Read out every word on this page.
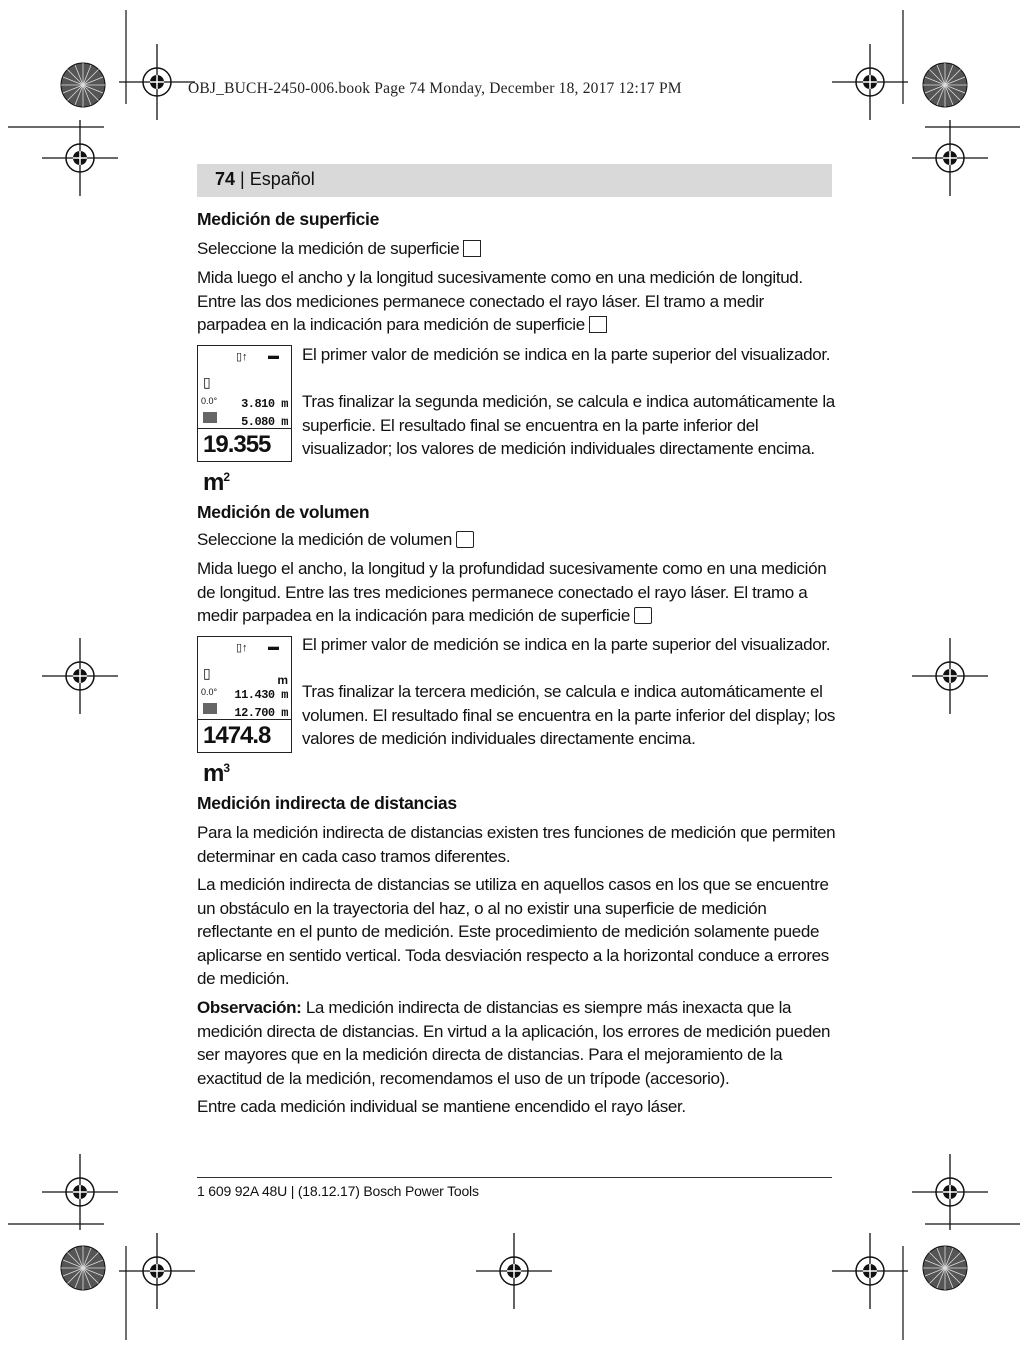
OBJ_BUCH-2450-006.book Page 74 Monday, December 18, 2017 12:17 PM
74 | Español
Medición de superficie

Seleccione la medición de superficie

Mida luego el ancho y la longitud sucesivamente como en una medición de longitud. Entre las dos mediciones permanece conectado el rayo láser. El tramo a medir parpadea en la indicación para medición de superficie

▯↑ ▬
▯
0.0° 3.810 m
5.080 m
19.355 $m^2$

El primer valor de medición se indica en la parte superior del visualizador.

Tras finalizar la segunda medición, se calcula e indica automáticamente la superficie. El resultado final se encuentra en la parte inferior del visualizador; los valores de medición individuales directamente encima.

Medición de volumen

Seleccione la medición de volumen

Mida luego el ancho, la longitud y la profundidad sucesivamente como en una medición de longitud. Entre las tres mediciones permanece conectado el rayo láser. El tramo a medir parpadea en la indicación para medición de superficie

▯↑ ▬
▯	m
0.0° 11.430 m
12.700 m
1474.8 $m^3$

El primer valor de medición se indica en la parte superior del visualizador.

Tras finalizar la tercera medición, se calcula e indica automáticamente el volumen. El resultado final se encuentra en la parte inferior del display; los valores de medición individuales directamente encima.

Medición indirecta de distancias

Para la medición indirecta de distancias existen tres funciones de medición que permiten determinar en cada caso tramos diferentes.

La medición indirecta de distancias se utiliza en aquellos casos en los que se encuentre un obstáculo en la trayectoria del haz, o al no existir una superficie de medición reflectante en el punto de medición. Este procedimiento de medición solamente puede aplicarse en sentido vertical. Toda desviación respecto a la horizontal conduce a errores de medición.

Observación: La medición indirecta de distancias es siempre más inexacta que la medición directa de distancias. En virtud a la aplicación, los errores de medición pueden ser mayores que en la medición directa de distancias. Para el mejoramiento de la exactitud de la medición, recomendamos el uso de un trípode (accesorio).

Entre cada medición individual se mantiene encendido el rayo láser.

1 609 92A 48U | (18.12.17) Bosch Power Tools
